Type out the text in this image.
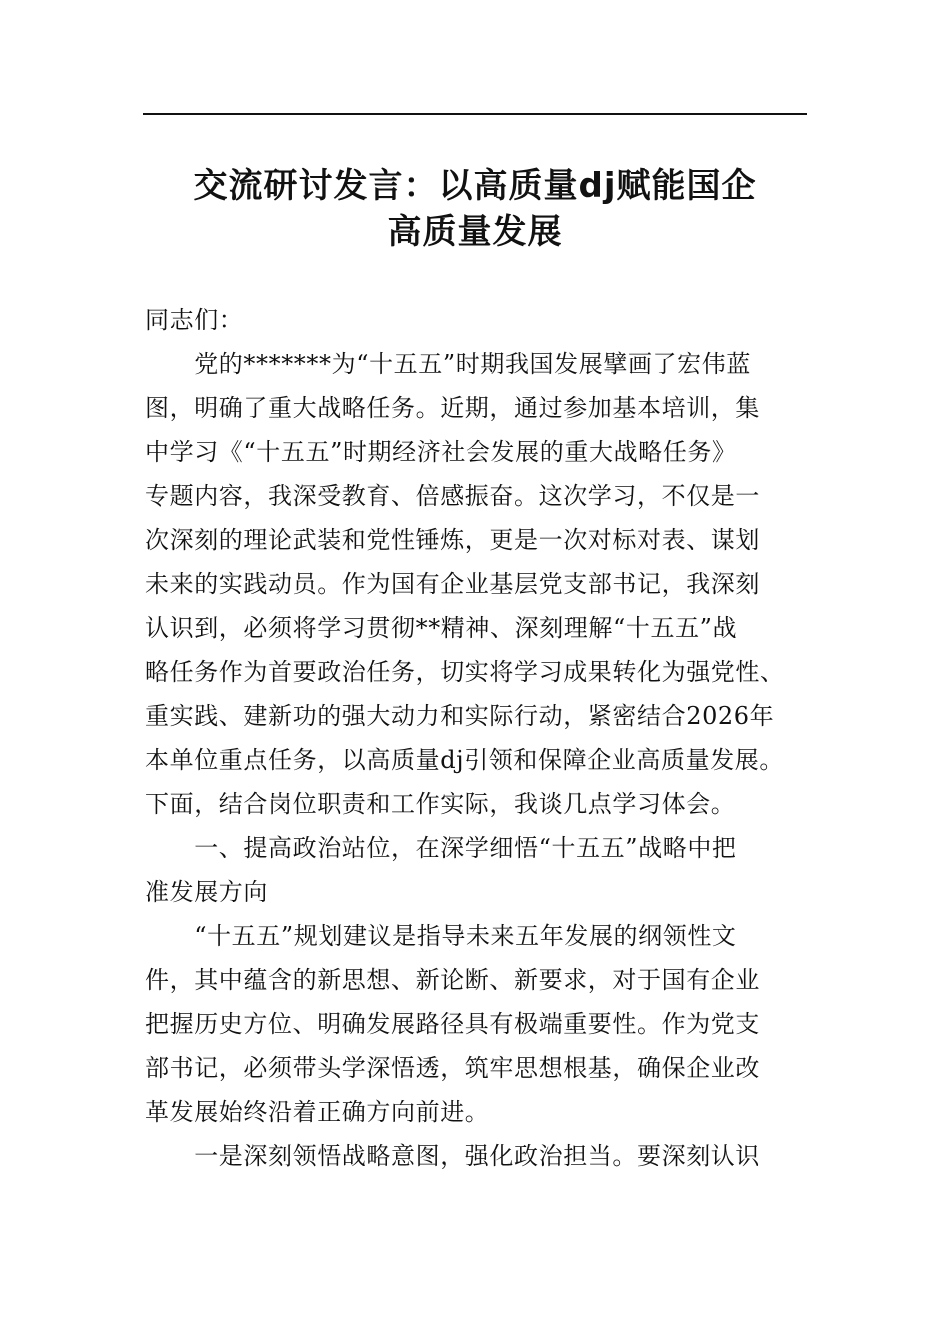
交流研讨发言：以高质量dj赋能国企
高质量发展
同志们：
　　党的*******为“十五五”时期我国发展擘画了宏伟蓝
图，明确了重大战略任务。近期，通过参加基本培训，集
中学习《“十五五”时期经济社会发展的重大战略任务》
专题内容，我深受教育、倍感振奋。这次学习，不仅是一
次深刻的理论武装和党性锤炼，更是一次对标对表、谋划
未来的实践动员。作为国有企业基层党支部书记，我深刻
认识到，必须将学习贯彻**精神、深刻理解“十五五”战
略任务作为首要政治任务，切实将学习成果转化为强党性、
重实践、建新功的强大动力和实际行动，紧密结合2026年
本单位重点任务，以高质量dj引领和保障企业高质量发展。
下面，结合岗位职责和工作实际，我谈几点学习体会。
　　一、提高政治站位，在深学细悟“十五五”战略中把
准发展方向
　　“十五五”规划建议是指导未来五年发展的纲领性文
件，其中蕴含的新思想、新论断、新要求，对于国有企业
把握历史方位、明确发展路径具有极端重要性。作为党支
部书记，必须带头学深悟透，筑牢思想根基，确保企业改
革发展始终沿着正确方向前进。
　　一是深刻领悟战略意图，强化政治担当。要深刻认识
